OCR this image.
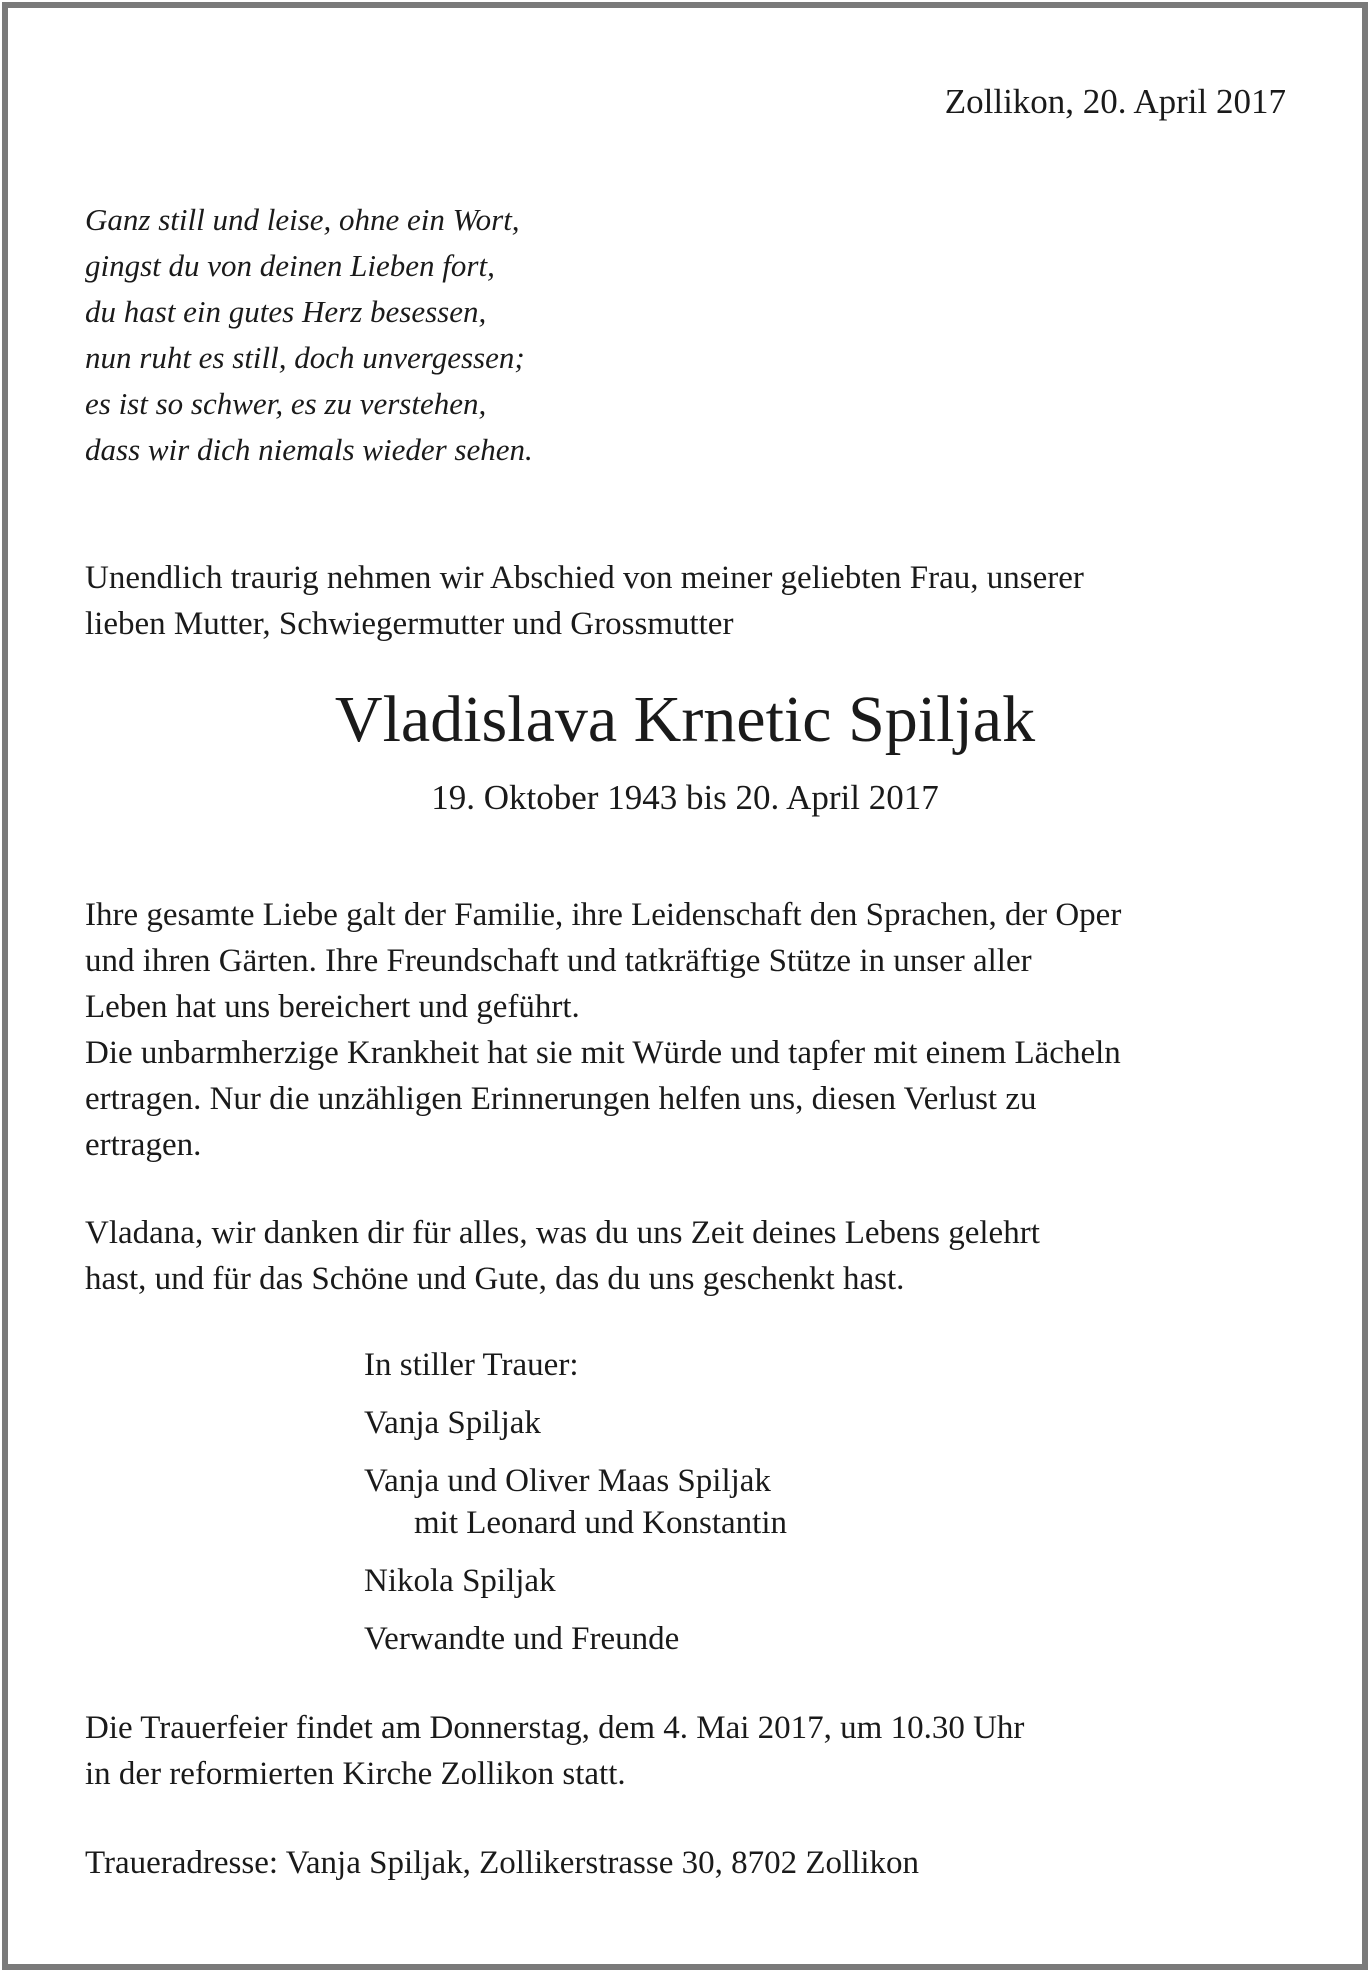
Zollikon, 20. April 2017
Ganz still und leise, ohne ein Wort,
gingst du von deinen Lieben fort,
du hast ein gutes Herz besessen,
nun ruht es still, doch unvergessen;
es ist so schwer, es zu verstehen,
dass wir dich niemals wieder sehen.
Unendlich traurig nehmen wir Abschied von meiner geliebten Frau, unserer
lieben Mutter, Schwiegermutter und Grossmutter
Vladislava Krnetic Spiljak
19. Oktober 1943 bis 20. April 2017
Ihre gesamte Liebe galt der Familie, ihre Leidenschaft den Sprachen, der Oper
und ihren Gärten. Ihre Freundschaft und tatkräftige Stütze in unser aller
Leben hat uns bereichert und geführt.
Die unbarmherzige Krankheit hat sie mit Würde und tapfer mit einem Lächeln
ertragen. Nur die unzähligen Erinnerungen helfen uns, diesen Verlust zu
ertragen.
Vladana, wir danken dir für alles, was du uns Zeit deines Lebens gelehrt
hast, und für das Schöne und Gute, das du uns geschenkt hast.
In stiller Trauer:
Vanja Spiljak
Vanja und Oliver Maas Spiljak
mit Leonard und Konstantin
Nikola Spiljak
Verwandte und Freunde
Die Trauerfeier findet am Donnerstag, dem 4. Mai 2017, um 10.30 Uhr
in der reformierten Kirche Zollikon statt.
Traueradresse: Vanja Spiljak, Zollikerstrasse 30, 8702 Zollikon
